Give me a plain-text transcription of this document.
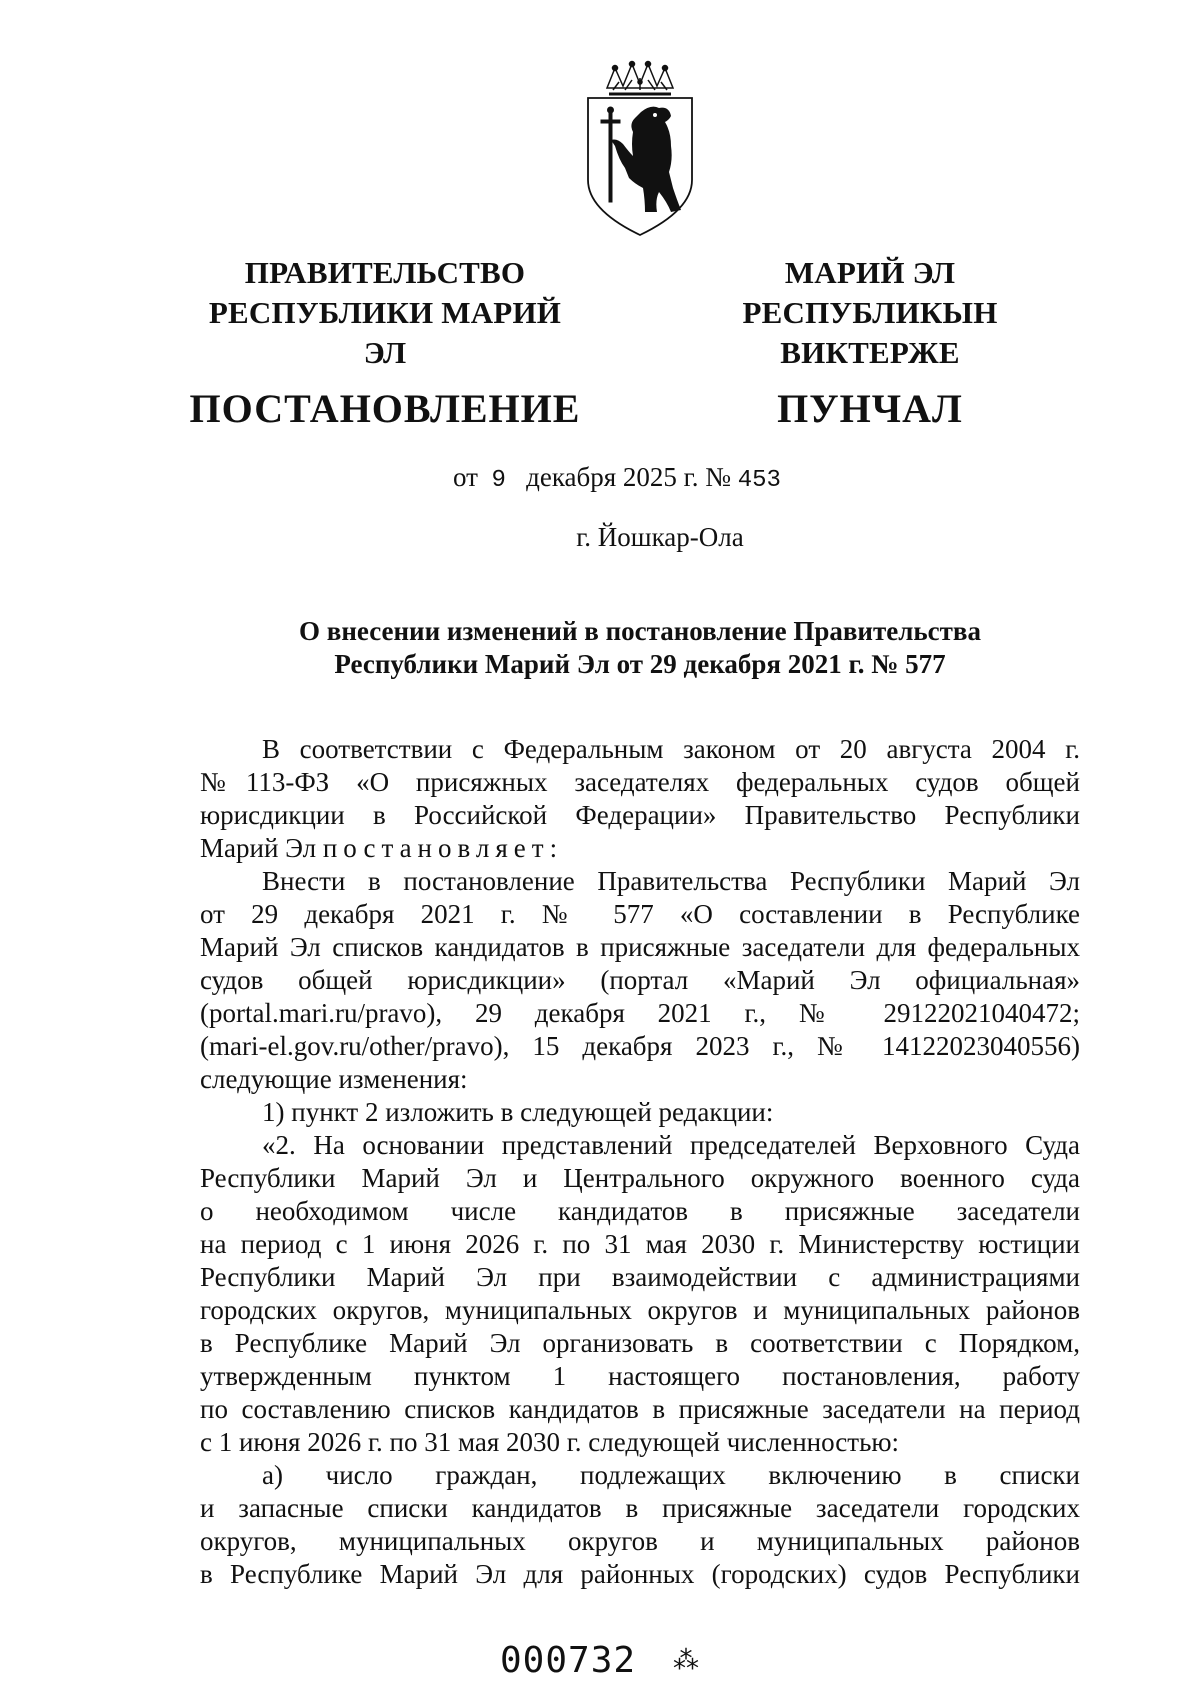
ПРАВИТЕЛЬСТВО
РЕСПУБЛИКИ МАРИЙ ЭЛ
ПОСТАНОВЛЕНИЕ
МАРИЙ ЭЛ РЕСПУБЛИКЫН
ВИКТЕРЖЕ
ПУНЧАЛ
от 9 декабря 2025 г. № 453
г. Йошкар-Ола
О внесении изменений в постановление Правительства
Республики Марий Эл от 29 декабря 2021 г. № 577

В соответствии с Федеральным законом от 20 августа 2004 г.

№113-ФЗ «О присяжных заседателях федеральных судов общей

юрисдикции в Российской Федерации» Правительство Республики

Марий Эл постановляет:

Внести в постановление Правительства Республики Марий Эл

от 29 декабря 2021 г. № 577 «О составлении в Республике

Марий Эл списков кандидатов в присяжные заседатели для федеральных

судов общей юрисдикции» (портал «Марий Эл официальная»

(portal.mari.ru/pravo), 29 декабря 2021 г., № 29122021040472;

(mari-el.gov.ru/other/pravo), 15 декабря 2023 г., № 14122023040556)

следующие изменения:

1) пункт 2 изложить в следующей редакции:

«2. На основании представлений председателей Верховного Суда

Республики Марий Эл и Центрального окружного военного суда

о необходимом числе кандидатов в присяжные заседатели

на период с 1 июня 2026 г. по 31 мая 2030 г. Министерству юстиции

Республики Марий Эл при взаимодействии с администрациями

городских округов, муниципальных округов и муниципальных районов

в Республике Марий Эл организовать в соответствии с Порядком,

утвержденным пунктом 1 настоящего постановления, работу

по составлению списков кандидатов в присяжные заседатели на период

с 1 июня 2026 г. по 31 мая 2030 г. следующей численностью:

а) число граждан, подлежащих включению в списки

и запасные списки кандидатов в присяжные заседатели городских

округов, муниципальных округов и муниципальных районов

в Республике Марий Эл для районных (городских) судов Республики

000732 ⁂
